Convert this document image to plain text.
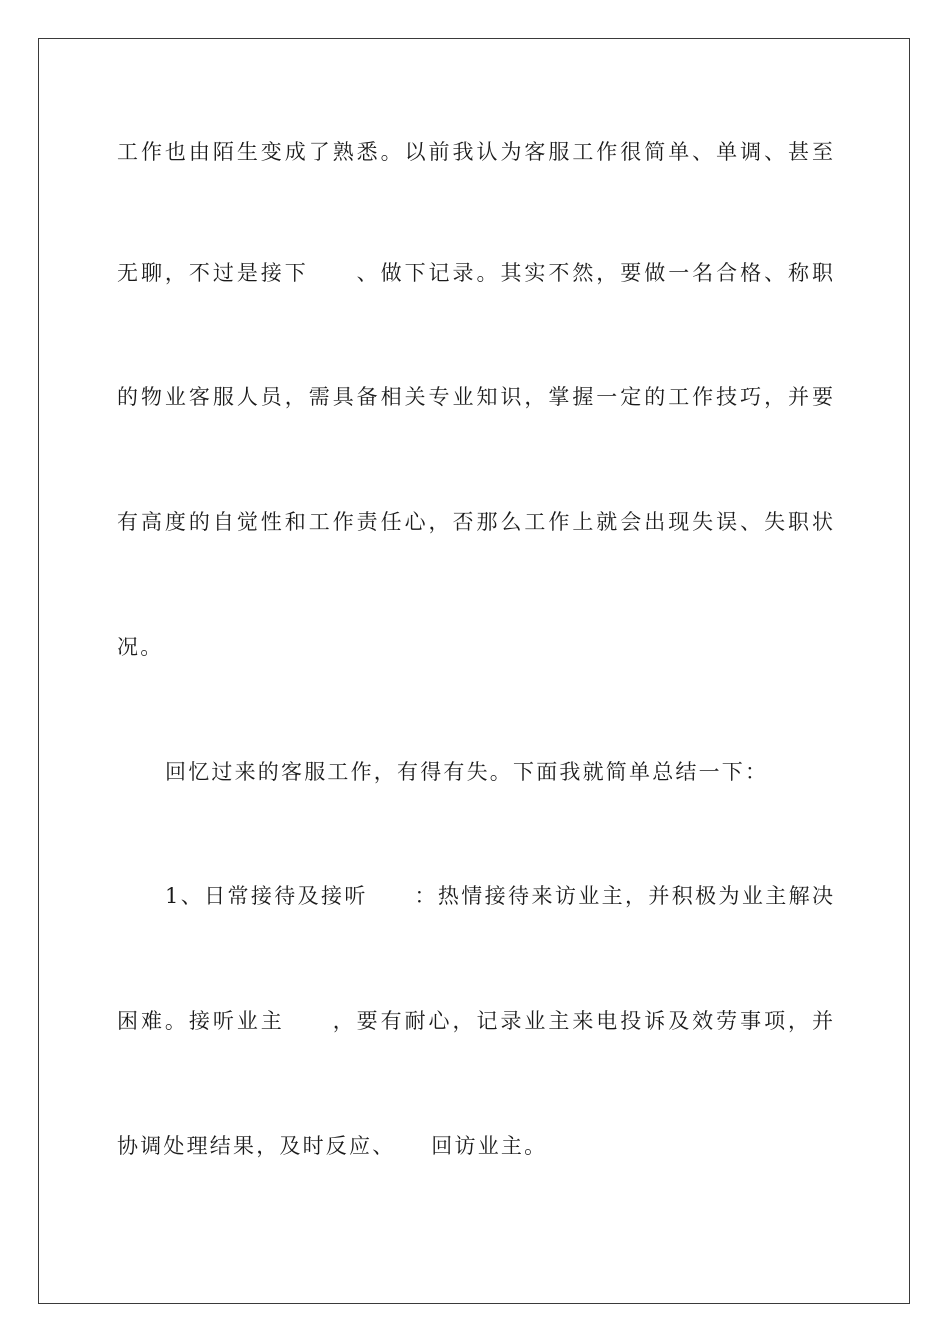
工作也由陌生变成了熟悉。以前我认为客服工作很简单、单调、甚至
无聊，不过是接下　　、做下记录。其实不然，要做一名合格、称职
的物业客服人员，需具备相关专业知识，掌握一定的工作技巧，并要
有高度的自觉性和工作责任心，否那么工作上就会出现失误、失职状
况。
回忆过来的客服工作，有得有失。下面我就简单总结一下：
1、日常接待及接听　　：热情接待来访业主，并积极为业主解决
困难。接听业主　　，要有耐心，记录业主来电投诉及效劳事项，并
协调处理结果，及时反应、　　回访业主。
